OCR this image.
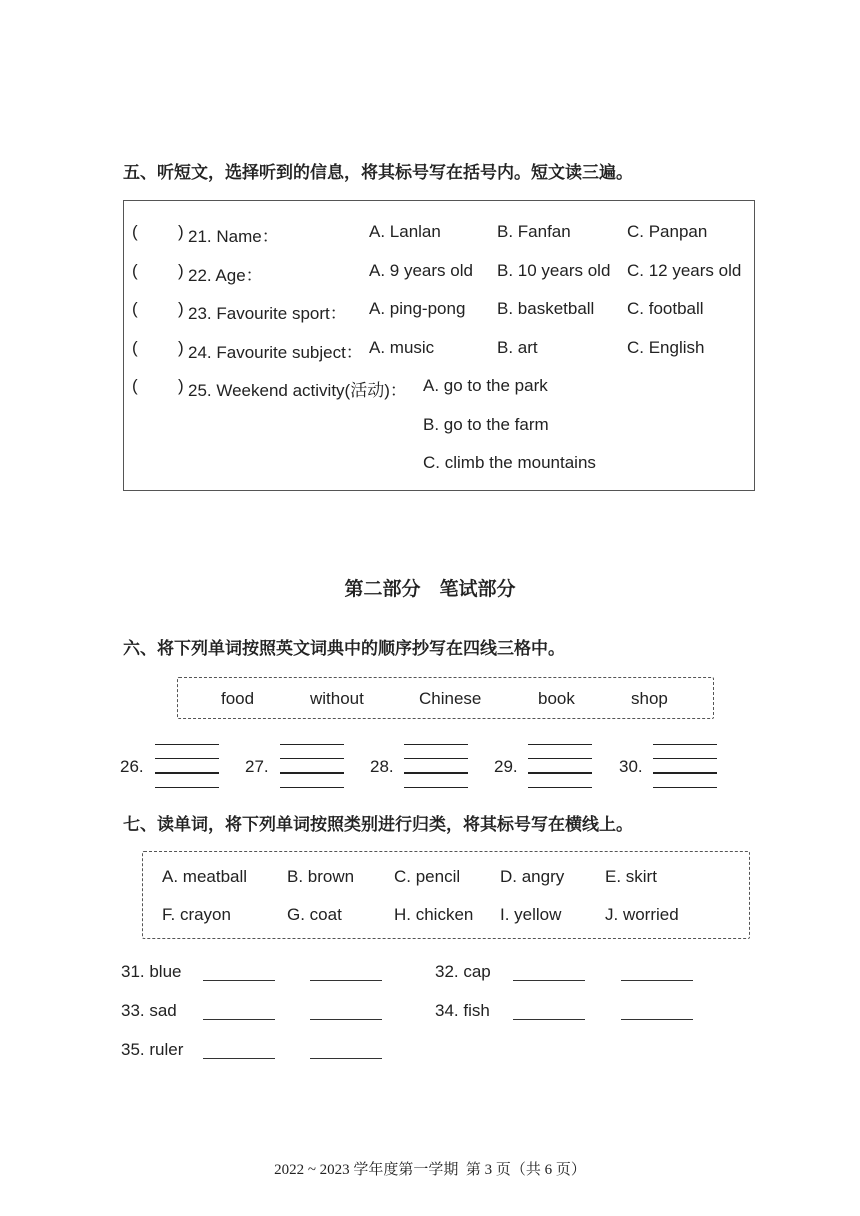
五、听短文，选择听到的信息，将其标号写在括号内。短文读三遍。
( ) 21. Name：	A. Lanlan	B. Fanfan	C. Panpan
( ) 22. Age：	A. 9 years old B. 10 years old C. 12 years old
( ) 23. Favourite sport： A. ping-pong B. basketball C. football
( ) 24. Favourite subject： A. music	B. art	C. English
( ) 25. Weekend activity(活动)： A. go to the park
B. go to the farm
C. climb the mountains
第二部分　笔试部分
六、将下列单词按照英文词典中的顺序抄写在四线三格中。
food	without	Chinese	book	shop
26.	27.	28.	29.	30.
七、读单词，将下列单词按照类别进行归类，将其标号写在横线上。
A. meatball B. brown C. pencil D. angry E. skirt
F. crayon	G. coat	H. chicken I. yellow	J. worried
31. blue	32. cap
33. sad	34. fish
35. ruler
2022 ~ 2023 学年度第一学期  第 3 页（共 6 页）
